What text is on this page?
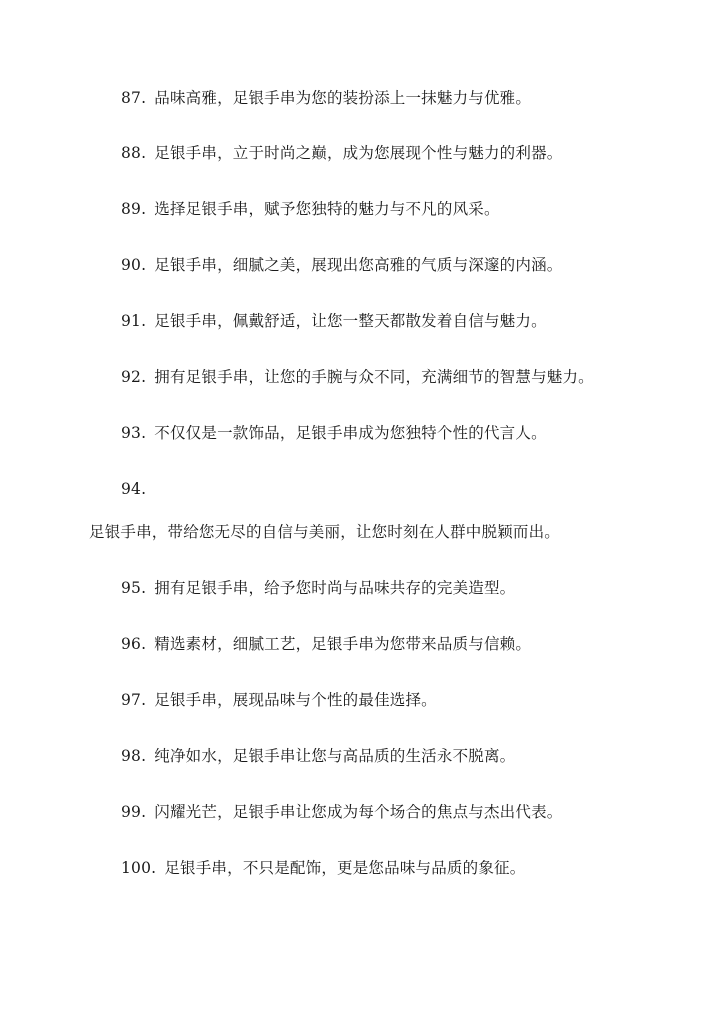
87. 品味高雅，足银手串为您的装扮添上一抹魅力与优雅。
88. 足银手串，立于时尚之巅，成为您展现个性与魅力的利器。
89. 选择足银手串，赋予您独特的魅力与不凡的风采。
90. 足银手串，细腻之美，展现出您高雅的气质与深邃的内涵。
91. 足银手串，佩戴舒适，让您一整天都散发着自信与魅力。
92. 拥有足银手串，让您的手腕与众不同，充满细节的智慧与魅力。
93. 不仅仅是一款饰品，足银手串成为您独特个性的代言人。
94.
足银手串，带给您无尽的自信与美丽，让您时刻在人群中脱颖而出。
95. 拥有足银手串，给予您时尚与品味共存的完美造型。
96. 精选素材，细腻工艺，足银手串为您带来品质与信赖。
97. 足银手串，展现品味与个性的最佳选择。
98. 纯净如水，足银手串让您与高品质的生活永不脱离。
99. 闪耀光芒，足银手串让您成为每个场合的焦点与杰出代表。
100. 足银手串，不只是配饰，更是您品味与品质的象征。
